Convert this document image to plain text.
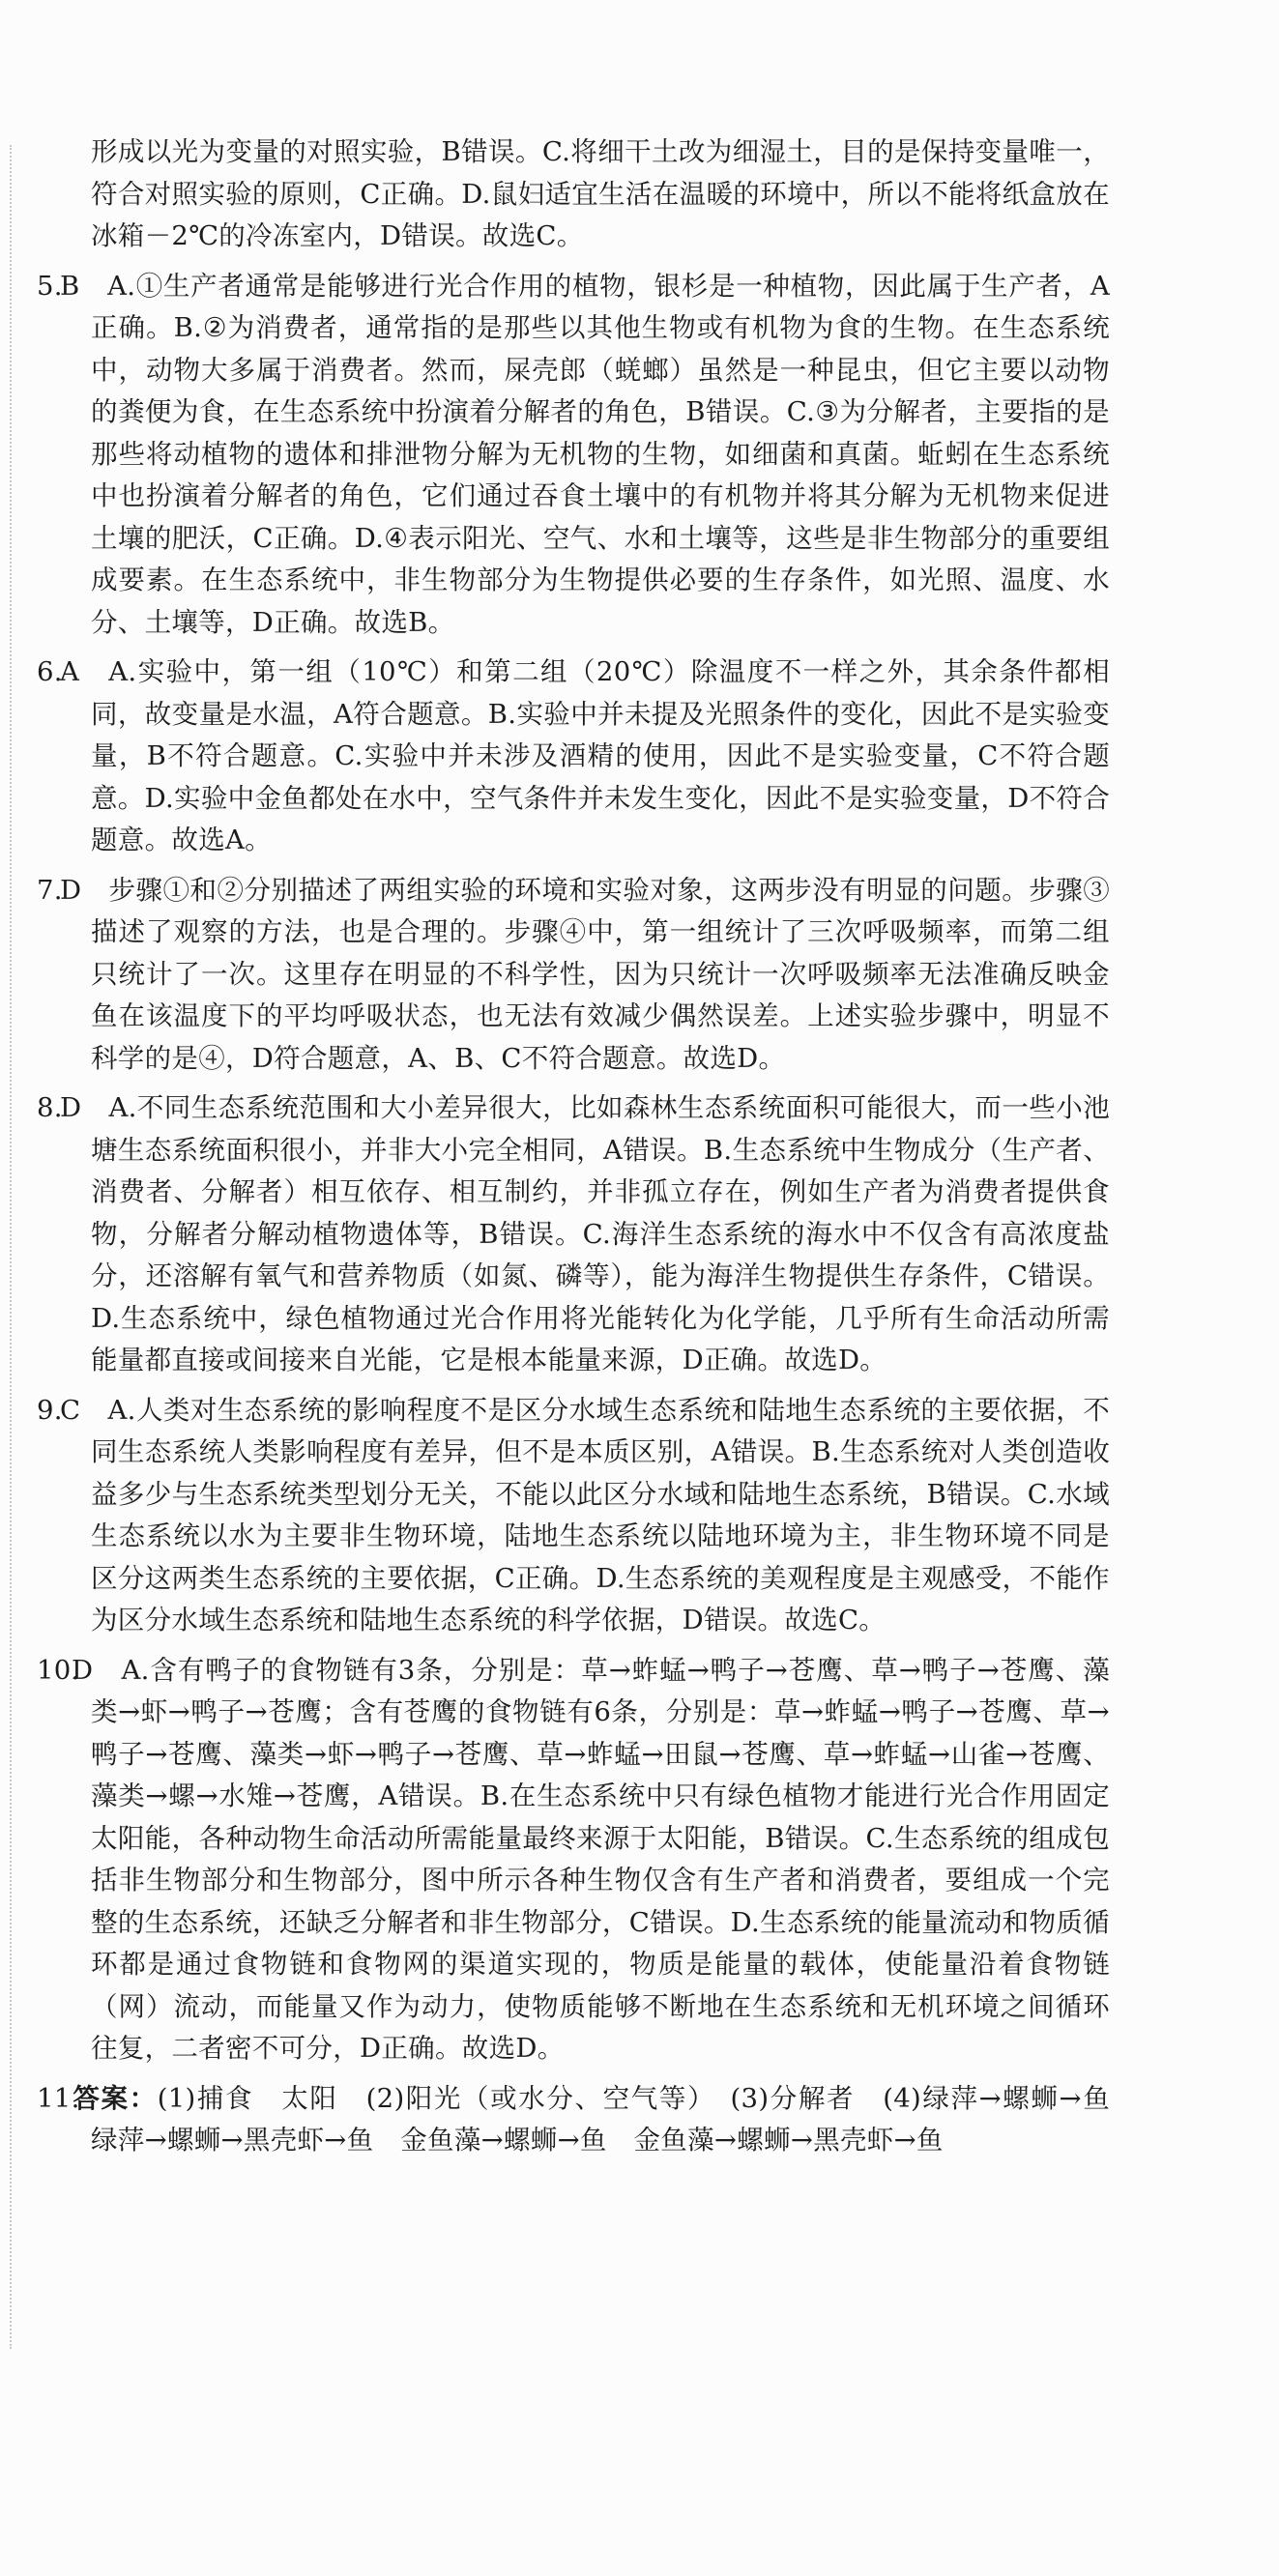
形成以光为变量的对照实验，B错误。C.将细干土改为细湿土，目的是保持变量唯一，符合对照实验的原则，C正确。D.鼠妇适宜生活在温暖的环境中，所以不能将纸盒放在冰箱－2℃的冷冻室内，D错误。故选C。
5.B　A.①生产者通常是能够进行光合作用的植物，银杉是一种植物，因此属于生产者，A正确。B.②为消费者，通常指的是那些以其他生物或有机物为食的生物。在生态系统中，动物大多属于消费者。然而，屎壳郎（蜣螂）虽然是一种昆虫，但它主要以动物的粪便为食，在生态系统中扮演着分解者的角色，B错误。C.③为分解者，主要指的是那些将动植物的遗体和排泄物分解为无机物的生物，如细菌和真菌。蚯蚓在生态系统中也扮演着分解者的角色，它们通过吞食土壤中的有机物并将其分解为无机物来促进土壤的肥沃，C正确。D.④表示阳光、空气、水和土壤等，这些是非生物部分的重要组成要素。在生态系统中，非生物部分为生物提供必要的生存条件，如光照、温度、水分、土壤等，D正确。故选B。
6.A　A.实验中，第一组（10℃）和第二组（20℃）除温度不一样之外，其余条件都相同，故变量是水温，A符合题意。B.实验中并未提及光照条件的变化，因此不是实验变量，B不符合题意。C.实验中并未涉及酒精的使用，因此不是实验变量，C不符合题意。D.实验中金鱼都处在水中，空气条件并未发生变化，因此不是实验变量，D不符合题意。故选A。
7.D　步骤①和②分别描述了两组实验的环境和实验对象，这两步没有明显的问题。步骤③描述了观察的方法，也是合理的。步骤④中，第一组统计了三次呼吸频率，而第二组只统计了一次。这里存在明显的不科学性，因为只统计一次呼吸频率无法准确反映金鱼在该温度下的平均呼吸状态，也无法有效减少偶然误差。上述实验步骤中，明显不科学的是④，D符合题意，A、B、C不符合题意。故选D。
8.D　A.不同生态系统范围和大小差异很大，比如森林生态系统面积可能很大，而一些小池塘生态系统面积很小，并非大小完全相同，A错误。B.生态系统中生物成分（生产者、消费者、分解者）相互依存、相互制约，并非孤立存在，例如生产者为消费者提供食物，分解者分解动植物遗体等，B错误。C.海洋生态系统的海水中不仅含有高浓度盐分，还溶解有氧气和营养物质（如氮、磷等），能为海洋生物提供生存条件，C错误。D.生态系统中，绿色植物通过光合作用将光能转化为化学能，几乎所有生命活动所需能量都直接或间接来自光能，它是根本能量来源，D正确。故选D。
9.C　A.人类对生态系统的影响程度不是区分水域生态系统和陆地生态系统的主要依据，不同生态系统人类影响程度有差异，但不是本质区别，A错误。B.生态系统对人类创造收益多少与生态系统类型划分无关，不能以此区分水域和陆地生态系统，B错误。C.水域生态系统以水为主要非生物环境，陆地生态系统以陆地环境为主，非生物环境不同是区分这两类生态系统的主要依据，C正确。D.生态系统的美观程度是主观感受，不能作为区分水域生态系统和陆地生态系统的科学依据，D错误。故选C。
10.D　A.含有鸭子的食物链有3条，分别是：草→蚱蜢→鸭子→苍鹰、草→鸭子→苍鹰、藻类→虾→鸭子→苍鹰；含有苍鹰的食物链有6条，分别是：草→蚱蜢→鸭子→苍鹰、草→鸭子→苍鹰、藻类→虾→鸭子→苍鹰、草→蚱蜢→田鼠→苍鹰、草→蚱蜢→山雀→苍鹰、藻类→螺→水雉→苍鹰，A错误。B.在生态系统中只有绿色植物才能进行光合作用固定太阳能，各种动物生命活动所需能量最终来源于太阳能，B错误。C.生态系统的组成包括非生物部分和生物部分，图中所示各种生物仅含有生产者和消费者，要组成一个完整的生态系统，还缺乏分解者和非生物部分，C错误。D.生态系统的能量流动和物质循环都是通过食物链和食物网的渠道实现的，物质是能量的载体，使能量沿着食物链（网）流动，而能量又作为动力，使物质能够不断地在生态系统和无机环境之间循环往复，二者密不可分，D正确。故选D。
11.答案：(1)捕食　太阳　(2)阳光（或水分、空气等）　(3)分解者　(4)绿萍→螺蛳→鱼　绿萍→螺蛳→黑壳虾→鱼　金鱼藻→螺蛳→鱼　金鱼藻→螺蛳→黑壳虾→鱼
